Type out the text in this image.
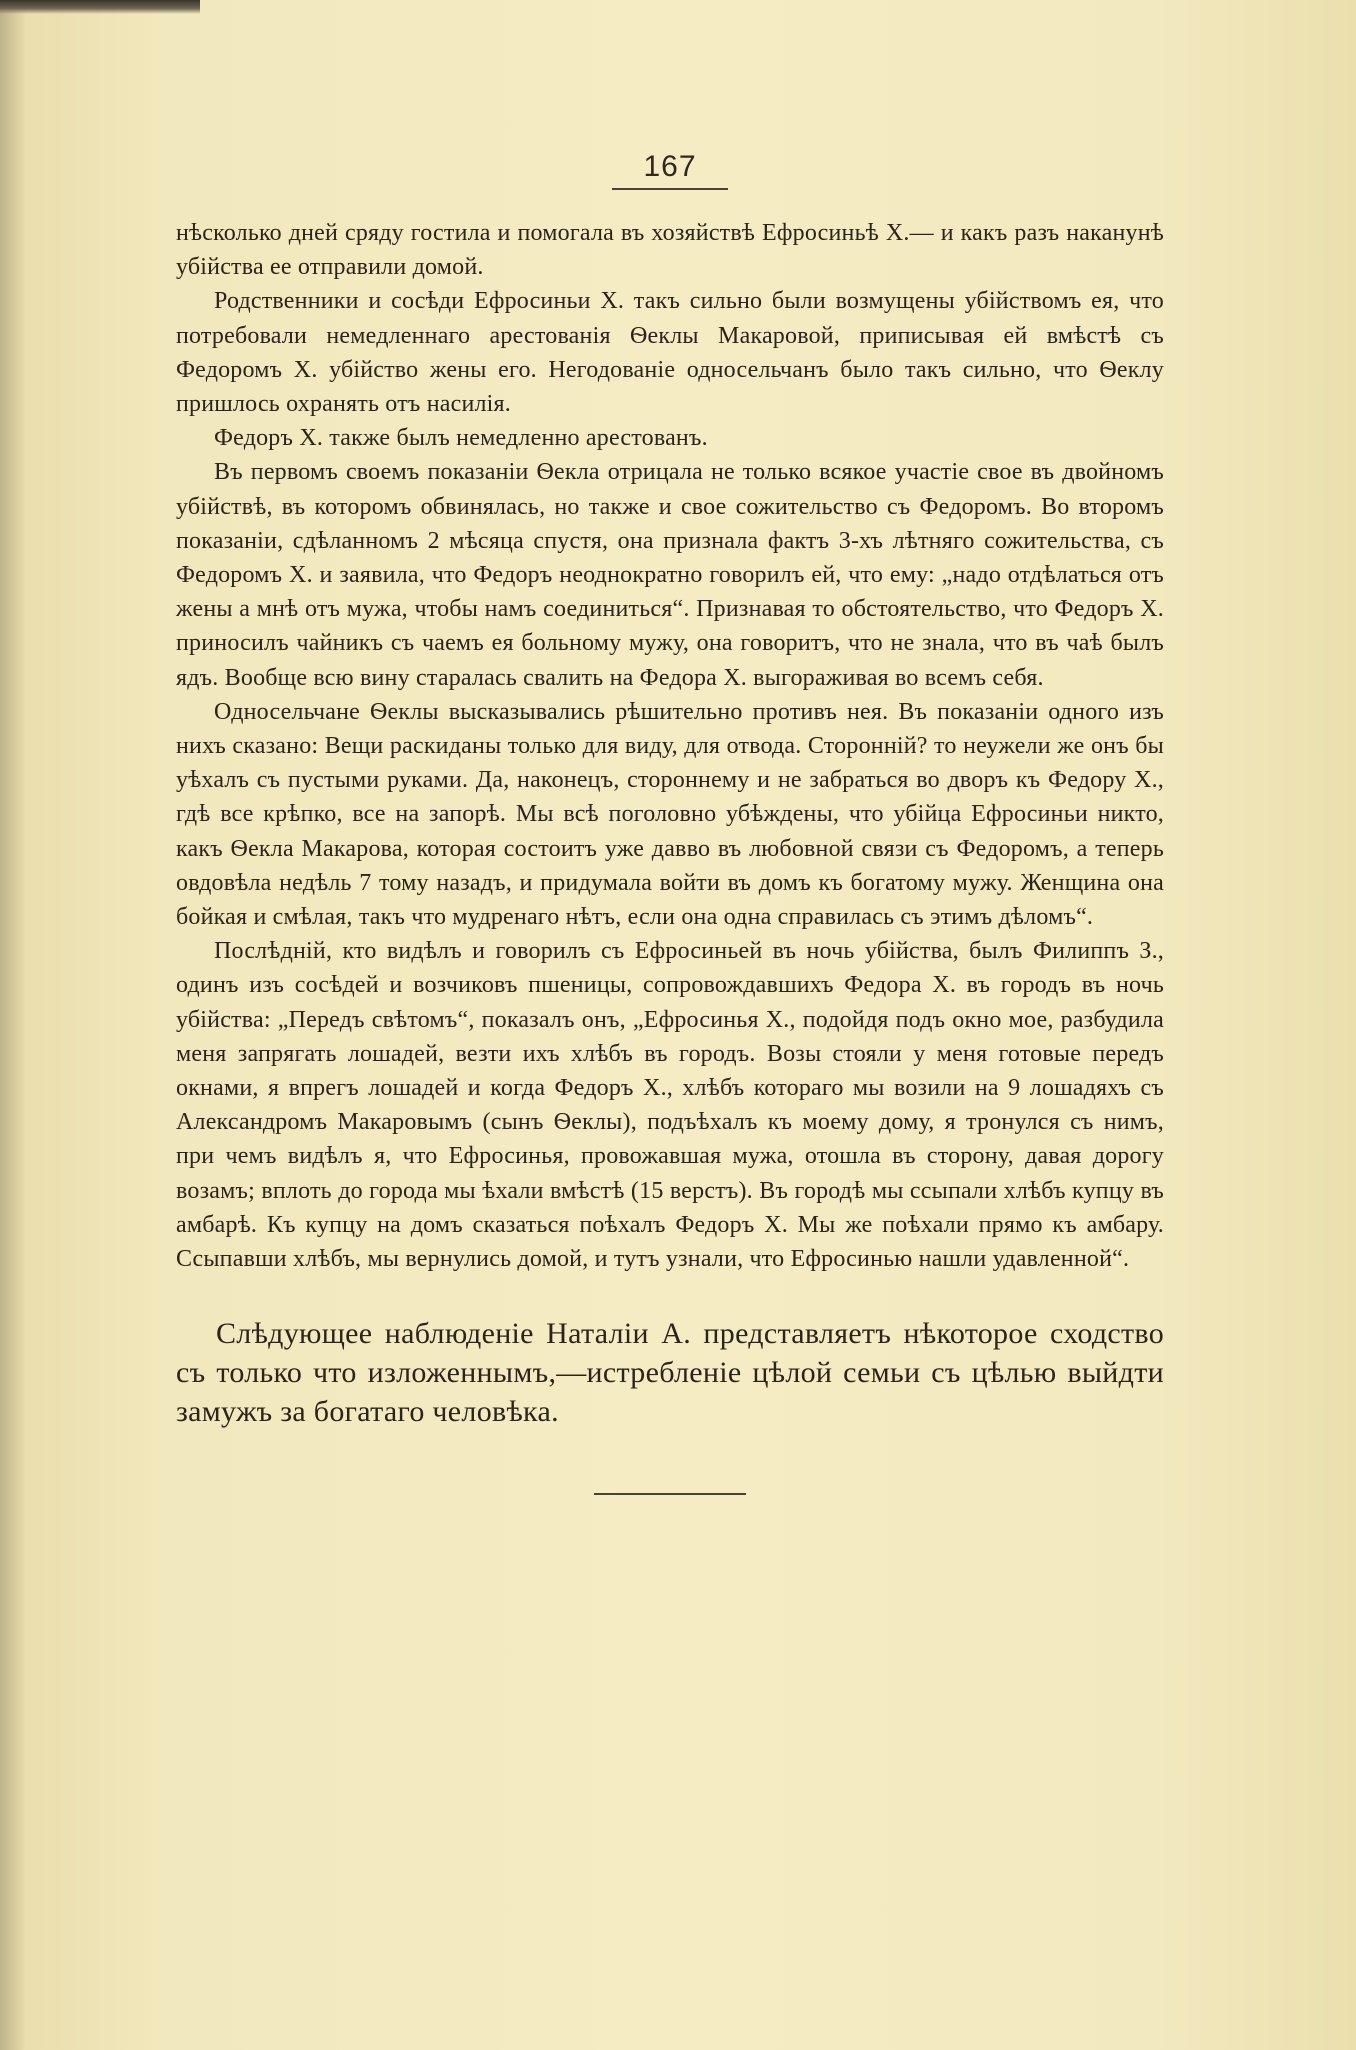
167

нѣсколько дней сряду гостила и помогала въ хозяйствѣ Ефросиньѣ Х.— и какъ разъ наканунѣ убійства ее отправили домой.

Родственники и сосѣди Ефросиньи Х. такъ сильно были возмущены убійствомъ ея, что потребовали немедленнаго арестованія Ѳеклы Макаровой, приписывая ей вмѣстѣ съ Федоромъ Х. убійство жены его. Негодованіе односельчанъ было такъ сильно, что Ѳеклу пришлось охранять отъ насилія.

Федоръ Х. также былъ немедленно арестованъ.

Въ первомъ своемъ показаніи Ѳекла отрицала не только всякое участіе свое въ двойномъ убійствѣ, въ которомъ обвинялась, но также и свое сожительство съ Федоромъ. Во второмъ показаніи, сдѣланномъ 2 мѣсяца спустя, она признала фактъ 3-хъ лѣтняго сожительства, съ Федоромъ Х. и заявила, что Федоръ неоднократно говорилъ ей, что ему: „надо отдѣлаться отъ жены а мнѣ отъ мужа, чтобы намъ соединиться“. Признавая то обстоятельство, что Федоръ Х. приносилъ чайникъ съ чаемъ ея больному мужу, она говоритъ, что не знала, что въ чаѣ былъ ядъ. Вообще всю вину старалась свалить на Федора Х. выгораживая во всемъ себя.

Односельчане Ѳеклы высказывались рѣшительно противъ нея. Въ показаніи одного изъ нихъ сказано: Вещи раскиданы только для виду, для отвода. Сторонній? то неужели же онъ бы уѣхалъ съ пустыми руками. Да, наконецъ, стороннему и не забраться во дворъ къ Федору Х., гдѣ все крѣпко, все на запорѣ. Мы всѣ поголовно убѣждены, что убійца Ефросиньи никто, какъ Ѳекла Макарова, которая состоитъ уже давво въ любовной связи съ Федоромъ, а теперь овдовѣла недѣль 7 тому назадъ, и придумала войти въ домъ къ богатому мужу. Женщина она бойкая и смѣлая, такъ что мудренаго нѣтъ, если она одна справилась съ этимъ дѣломъ“.

Послѣдній, кто видѣлъ и говорилъ съ Ефросиньей въ ночь убійства, былъ Филиппъ З., одинъ изъ сосѣдей и возчиковъ пшеницы, сопровождавшихъ Федора Х. въ городъ въ ночь убійства: „Передъ свѣтомъ“, показалъ онъ, „Ефросинья Х., подойдя подъ окно мое, разбудила меня запрягать лошадей, везти ихъ хлѣбъ въ городъ. Возы стояли у меня готовые передъ окнами, я впрегъ лошадей и когда Федоръ Х., хлѣбъ котораго мы возили на 9 лошадяхъ съ Александромъ Макаровымъ (сынъ Ѳеклы), подъѣхалъ къ моему дому, я тронулся съ нимъ, при чемъ видѣлъ я, что Ефросинья, провожавшая мужа, отошла въ сторону, давая дорогу возамъ; вплоть до города мы ѣхали вмѣстѣ (15 верстъ). Въ городѣ мы ссыпали хлѣбъ купцу въ амбарѣ. Къ купцу на домъ сказаться поѣхалъ Федоръ Х. Мы же поѣхали прямо къ амбару. Ссыпавши хлѣбъ, мы вернулись домой, и тутъ узнали, что Ефросинью нашли удавленной“.

Слѣдующее наблюденіе Наталіи А. представляетъ нѣкоторое сходство съ только что изложеннымъ,—истребленіе цѣлой семьи съ цѣлью выйдти замужъ за богатаго человѣка.
